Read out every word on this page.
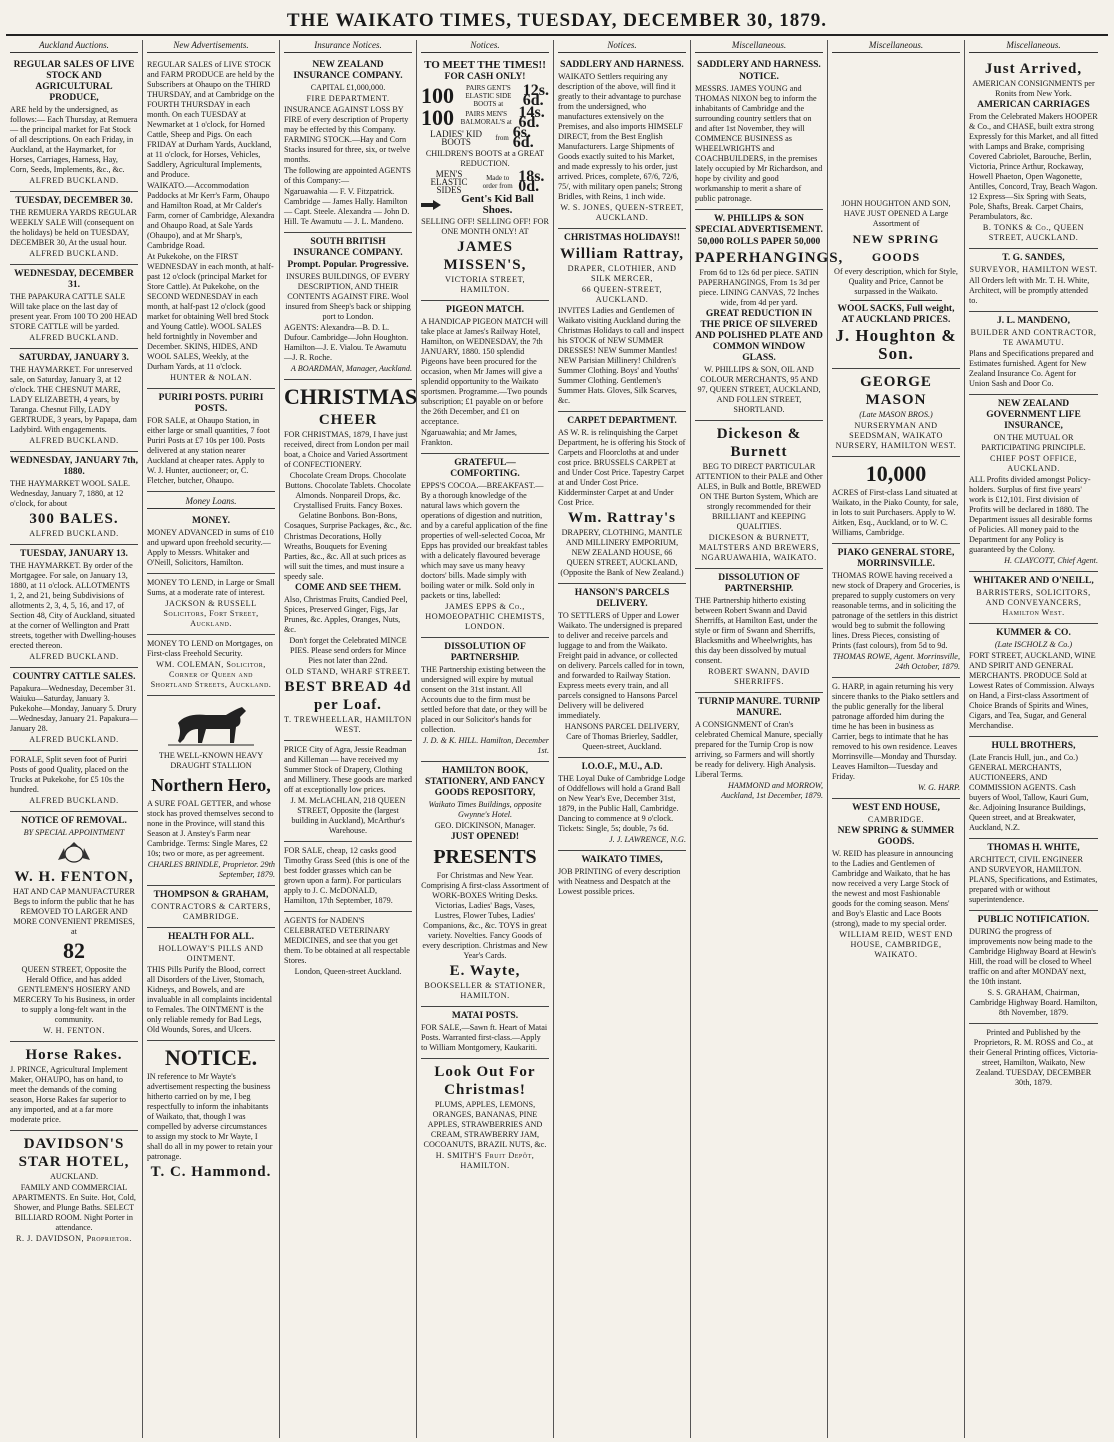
THE WAIKATO TIMES, TUESDAY, DECEMBER 30, 1879.
Auckland Auctions.

REGULAR SALES OF LIVE STOCK AND AGRICULTURAL PRODUCE,

ARE held by the undersigned, as follows:— Each Thursday, at Remuera — the principal market for Fat Stock of all descriptions. On each Friday, in Auckland, at the Haymarket, for Horses, Carriages, Harness, Hay, Corn, Seeds, Implements, &c., &c.

ALFRED BUCKLAND.

TUESDAY, DECEMBER 30.

THE REMUERA YARDS REGULAR WEEKLY SALE Will (consequent on the holidays) be held on TUESDAY, DECEMBER 30, At the usual hour.

ALFRED BUCKLAND.

WEDNESDAY, DECEMBER 31.

THE PAPAKURA CATTLE SALE Will take place on the last day of present year. From 100 TO 200 HEAD STORE CATTLE will be yarded.

ALFRED BUCKLAND.

SATURDAY, JANUARY 3.

THE HAYMARKET. For unreserved sale, on Saturday, January 3, at 12 o'clock. THE CHESNUT MARE, LADY ELIZABETH, 4 years, by Taranga. Chesnut Filly, LADY GERTRUDE, 3 years, by Papapa, dam Ladybird. With engagements.

ALFRED BUCKLAND.

WEDNESDAY, JANUARY 7th, 1880.

THE HAYMARKET WOOL SALE. Wednesday, January 7, 1880, at 12 o'clock, for about

300 BALES.

ALFRED BUCKLAND.

TUESDAY, JANUARY 13.

THE HAYMARKET. By order of the Mortgagee. For sale, on January 13, 1880, at 11 o'clock. ALLOTMENTS 1, 2, and 21, being Subdivisions of allotments 2, 3, 4, 5, 16, and 17, of Section 48, City of Auckland, situated at the corner of Wellington and Pratt streets, together with Dwelling-houses erected thereon.

ALFRED BUCKLAND.

COUNTRY CATTLE SALES.

Papakura—Wednesday, December 31. Waiuku—Saturday, January 3. Pukekohe—Monday, January 5. Drury—Wednesday, January 21. Papakura—January 28.

ALFRED BUCKLAND.

FORALE, Split seven foot of Puriri Posts of good Quality, placed on the Trucks at Pukekohe, for £5 10s the hundred.

ALFRED BUCKLAND.

NOTICE OF REMOVAL.

BY SPECIAL APPOINTMENT

W. H. FENTON,

HAT AND CAP MANUFACTURER Begs to inform the public that he has REMOVED TO LARGER AND MORE CONVENIENT PREMISES, at

82

QUEEN STREET, Opposite the Herald Office, and has added GENTLEMEN'S HOSIERY AND MERCERY To his Business, in order to supply a long-felt want in the community.

W. H. FENTON.

Horse Rakes.

J. PRINCE, Agricultural Implement Maker, OHAUPO, has on hand, to meet the demands of the coming season, Horse Rakes far superior to any imported, and at a far more moderate price.

DAVIDSON'S STAR HOTEL,

AUCKLAND.

FAMILY AND COMMERCIAL APARTMENTS. En Suite. Hot, Cold, Shower, and Plunge Baths. SELECT BILLIARD ROOM. Night Porter in attendance.

R. J. DAVIDSON, Proprietor.

New Advertisements.

REGULAR SALES of LIVE STOCK and FARM PRODUCE are held by the Subscribers at Ohaupo on the THIRD THURSDAY, and at Cambridge on the FOURTH THURSDAY in each month. On each TUESDAY at Newmarket at 1 o'clock, for Horned Cattle, Sheep and Pigs. On each FRIDAY at Durham Yards, Auckland, at 11 o'clock, for Horses, Vehicles, Saddlery, Agricultural Implements, and Produce.

WAIKATO.—Accommodation Paddocks at Mr Kerr's Farm, Ohaupo and Hamilton Road, at Mr Calder's Farm, corner of Cambridge, Alexandra and Ohaupo Road, at Sale Yards (Ohaupo), and at Mr Sharp's, Cambridge Road.

At Pukekohe, on the FIRST WEDNESDAY in each month, at half-past 12 o'clock (principal Market for Store Cattle). At Pukekohe, on the SECOND WEDNESDAY in each month, at half-past 12 o'clock (good market for obtaining Well bred Stock and Young Cattle). WOOL SALES held fortnightly in November and December. SKINS, HIDES, AND WOOL SALES, Weekly, at the Durham Yards, at 11 o'clock.

HUNTER & NOLAN.

PURIRI POSTS. PURIRI POSTS.

FOR SALE, at Ohaupo Station, in either large or small quantities, 7 foot Puriri Posts at £7 10s per 100. Posts delivered at any station nearer Auckland at cheaper rates. Apply to W. J. Hunter, auctioneer; or, C. Fletcher, butcher, Ohaupo.

Money Loans.

MONEY.

MONEY ADVANCED in sums of £10 and upward upon freehold security.—Apply to Messrs. Whitaker and O'Neill, Solicitors, Hamilton.

MONEY TO LEND, in Large or Small Sums, at a moderate rate of interest.

JACKSON & RUSSELL Solicitors, Fort Street, Auckland.

MONEY TO LEND on Mortgages, on First-class Freehold Security.

WM. COLEMAN, Solicitor, Corner of Queen and Shortland Streets, Auckland.

THE WELL-KNOWN HEAVY DRAUGHT STALLION

Northern Hero,

A SURE FOAL GETTER, and whose stock has proved themselves second to none in the Province, will stand this Season at J. Anstey's Farm near Cambridge. Terms: Single Mares, £2 10s; two or more, as per agreement.

CHARLES BRINDLE, Proprietor. 29th September, 1879.

THOMPSON & GRAHAM,

CONTRACTORS & CARTERS, CAMBRIDGE.

HEALTH FOR ALL.

HOLLOWAY'S PILLS AND OINTMENT.

THIS Pills Purify the Blood, correct all Disorders of the Liver, Stomach, Kidneys, and Bowels, and are invaluable in all complaints incidental to Females. The OINTMENT is the only reliable remedy for Bad Legs, Old Wounds, Sores, and Ulcers.

NOTICE.

IN reference to Mr Wayte's advertisement respecting the business hitherto carried on by me, I beg respectfully to inform the inhabitants of Waikato, that, though I was compelled by adverse circumstances to assign my stock to Mr Wayte, I shall do all in my power to retain your patronage.

T. C. Hammond.

Insurance Notices.

NEW ZEALAND INSURANCE COMPANY.

CAPITAL £1,000,000.

FIRE DEPARTMENT.

INSURANCE AGAINST LOSS BY FIRE of every description of Property may be effected by this Company. FARMING STOCK.—Hay and Corn Stacks insured for three, six, or twelve months.

The following are appointed AGENTS of this Company:—

Ngaruawahia — F. V. Fitzpatrick. Cambridge — James Hally. Hamilton — Capt. Steele. Alexandra — John D. Hill. Te Awamutu — J. L. Mandeno.

SOUTH BRITISH INSURANCE COMPANY.

Prompt. Popular. Progressive.

INSURES BUILDINGS, OF EVERY DESCRIPTION, AND THEIR CONTENTS AGAINST FIRE. Wool insured from Sheep's back or shipping port to London.

AGENTS: Alexandra—B. D. L. Dufour. Cambridge—John Houghton. Hamilton—J. E. Vialou. Te Awamutu—J. R. Roche.

A BOARDMAN, Manager, Auckland.

CHRISTMAS

CHEER

FOR CHRISTMAS, 1879, I have just received, direct from London per mail boat, a Choice and Varied Assortment of CONFECTIONERY.

Chocolate Cream Drops. Chocolate Buttons. Chocolate Tablets. Chocolate Almonds. Nonpareil Drops, &c. Crystallised Fruits. Fancy Boxes. Gelatine Bonbons. Bon-Bons, Cosaques, Surprise Packages, &c., &c.

Christmas Decorations, Holly Wreaths, Bouquets for Evening Parties, &c., &c. All at such prices as will suit the times, and must insure a speedy sale.

COME AND SEE THEM.

Also, Christmas Fruits, Candied Peel, Spices, Preserved Ginger, Figs, Jar Prunes, &c. Apples, Oranges, Nuts, &c.

Don't forget the Celebrated MINCE PIES. Please send orders for Mince Pies not later than 22nd.

OLD STAND, WHARF STREET.

BEST BREAD 4d per Loaf.

T. TREWHEELLAR, HAMILTON WEST.

PRICE City of Agra, Jessie Readman and Killeman — have received my Summer Stock of Drapery, Clothing and Millinery. These goods are marked off at exceptionally low prices.

J. M. McLACHLAN, 218 QUEEN STREET, Opposite the (largest building in Auckland), McArthur's Warehouse.

FOR SALE, cheap, 12 casks good Timothy Grass Seed (this is one of the best fodder grasses which can be grown upon a farm). For particulars apply to J. C. McDONALD, Hamilton, 17th September, 1879.

AGENTS for NADEN'S CELEBRATED VETERINARY MEDICINES, and see that you get them. To be obtained at all respectable Stores.

London, Queen-street Auckland.

Notices.

TO MEET THE TIMES!!

FOR CASH ONLY!

100	PAIRS GENT'S ELASTIC SIDE BOOTS at
12s. 6d.
100	PAIRS MEN'S BALMORAL'S at
14s. 6d.
LADIES' KID BOOTS	from 6s. 6d.

CHILDREN'S BOOTS at a GREAT REDUCTION.

MEN'S ELASTIC SIDES
Made to order from
18s. 0d.
Gent's Kid Ball Shoes.

SELLING OFF! SELLING OFF! FOR ONE MONTH ONLY! AT

JAMES MISSEN'S,

VICTORIA STREET, HAMILTON.

PIGEON MATCH.

A HANDICAP PIGEON MATCH will take place at James's Railway Hotel, Hamilton, on WEDNESDAY, the 7th JANUARY, 1880. 150 splendid Pigeons have been procured for the occasion, when Mr James will give a splendid opportunity to the Waikato sportsmen. Programme.—Two pounds subscription; £1 payable on or before the 26th December, and £1 on acceptance.

Ngaruawahia; and Mr James, Frankton.

GRATEFUL—COMFORTING.

EPPS'S COCOA.—BREAKFAST.—By a thorough knowledge of the natural laws which govern the operations of digestion and nutrition, and by a careful application of the fine properties of well-selected Cocoa, Mr Epps has provided our breakfast tables with a delicately flavoured beverage which may save us many heavy doctors' bills. Made simply with boiling water or milk. Sold only in packets or tins, labelled:

JAMES EPPS & Co., HOMOEOPATHIC CHEMISTS, LONDON.

DISSOLUTION OF PARTNERSHIP.

THE Partnership existing between the undersigned will expire by mutual consent on the 31st instant. All Accounts due to the firm must be settled before that date, or they will be placed in our Solicitor's hands for collection.

J. D. & K. HILL. Hamilton, December 1st.

HAMILTON BOOK, STATIONERY, AND FANCY GOODS REPOSITORY,

Waikato Times Buildings, opposite Gwynne's Hotel.

GEO. DICKINSON, Manager.

JUST OPENED!

PRESENTS

For Christmas and New Year. Comprising A first-class Assortment of WORK-BOXES Writing Desks. Victorias, Ladies' Bags, Vases, Lustres, Flower Tubes, Ladies' Companions, &c., &c. TOYS in great variety. Novelties. Fancy Goods of every description. Christmas and New Year's Cards.

E. Wayte,

BOOKSELLER & STATIONER, HAMILTON.

MATAI POSTS.

FOR SALE,—Sawn ft. Heart of Matai Posts. Warranted first-class.—Apply to William Montgomery, Kaukariti.

Look Out For Christmas!

PLUMS, APPLES, LEMONS, ORANGES, BANANAS, PINE APPLES, STRAWBERRIES AND CREAM, STRAWBERRY JAM, COCOANUTS, BRAZIL NUTS, &c.

H. SMITH'S Fruit Depôt, HAMILTON.

Notices.

SADDLERY AND HARNESS.

WAIKATO Settlers requiring any description of the above, will find it greatly to their advantage to purchase from the undersigned, who manufactures extensively on the Premises, and also imports HIMSELF DIRECT, from the Best English Manufacturers. Large Shipments of Goods exactly suited to his Market, and made expressly to his order, just arrived. Prices, complete, 67/6, 72/6, 75/, with military open panels; Strong Bridles, with Reins, 1 inch wide.

W. S. JONES, QUEEN-STREET, AUCKLAND.

CHRISTMAS HOLIDAYS!!

William Rattray,

DRAPER, CLOTHIER, AND SILK MERCER,

66 QUEEN-STREET, AUCKLAND.

INVITES Ladies and Gentlemen of Waikato visiting Auckland during the Christmas Holidays to call and inspect his STOCK of NEW SUMMER DRESSES! NEW Summer Mantles! NEW Parisian Millinery! Children's Summer Clothing. Boys' and Youths' Summer Clothing. Gentlemen's Summer Hats. Gloves, Silk Scarves, &c.

CARPET DEPARTMENT.

AS W. R. is relinquishing the Carpet Department, he is offering his Stock of Carpets and Floorcloths at and under cost price. BRUSSELS CARPET at and Under Cost Price. Tapestry Carpet at and Under Cost Price. Kidderminster Carpet at and Under Cost Price.

Wm. Rattray's

DRAPERY, CLOTHING, MANTLE AND MILLINERY EMPORIUM, NEW ZEALAND HOUSE, 66 QUEEN STREET, AUCKLAND, (Opposite the Bank of New Zealand.)

HANSON'S PARCELS DELIVERY.

TO SETTLERS of Upper and Lower Waikato. The undersigned is prepared to deliver and receive parcels and luggage to and from the Waikato. Freight paid in advance, or collected on delivery. Parcels called for in town, and forwarded to Railway Station. Express meets every train, and all parcels consigned to Hansons Parcel Delivery will be delivered immediately.

HANSONS PARCEL DELIVERY, Care of Thomas Brierley, Saddler, Queen-street, Auckland.

I.O.O.F., M.U., A.D.

THE Loyal Duke of Cambridge Lodge of Oddfellows will hold a Grand Ball on New Year's Eve, December 31st, 1879, in the Public Hall, Cambridge. Dancing to commence at 9 o'clock. Tickets: Single, 5s; double, 7s 6d.

J. J. LAWRENCE, N.G.

WAIKATO TIMES,

JOB PRINTING of every description with Neatness and Despatch at the Lowest possible prices.

Miscellaneous.

SADDLERY AND HARNESS.

NOTICE.

MESSRS. JAMES YOUNG and THOMAS NIXON beg to inform the inhabitants of Cambridge and the surrounding country settlers that on and after 1st November, they will COMMENCE BUSINESS as WHEELWRIGHTS and COACHBUILDERS, in the premises lately occupied by Mr Richardson, and hope by civility and good workmanship to merit a share of public patronage.

W. PHILLIPS & SON SPECIAL ADVERTISEMENT.

50,000 ROLLS PAPER 50,000

PAPERHANGINGS,

From 6d to 12s 6d per piece. SATIN PAPERHANGINGS, From 1s 3d per piece. LINING CANVAS, 72 Inches wide, from 4d per yard.

GREAT REDUCTION IN THE PRICE OF SILVERED AND POLISHED PLATE AND COMMON WINDOW GLASS.

W. PHILLIPS & SON, OIL AND COLOUR MERCHANTS, 95 AND 97, QUEEN STREET, AUCKLAND, AND FOLLEN STREET, SHORTLAND.

Dickeson & Burnett

BEG TO DIRECT PARTICULAR ATTENTION to their PALE and Other ALES, in Bulk and Bottle, BREWED ON THE Burton System, Which are strongly recommended for their BRILLIANT and KEEPING QUALITIES.

DICKESON & BURNETT, MALTSTERS AND BREWERS, NGARUAWAHIA, WAIKATO.

DISSOLUTION OF PARTNERSHIP.

THE Partnership hitherto existing between Robert Swann and David Sherriffs, at Hamilton East, under the style or firm of Swann and Sherriffs, Blacksmiths and Wheelwrights, has this day been dissolved by mutual consent.

ROBERT SWANN, DAVID SHERRIFFS.

TURNIP MANURE. TURNIP MANURE.

A CONSIGNMENT of Cran's celebrated Chemical Manure, specially prepared for the Turnip Crop is now arriving, so Farmers and will shortly be ready for delivery. High Analysis. Liberal Terms.

HAMMOND and MORROW, Auckland, 1st December, 1879.

Miscellaneous.

JOHN HOUGHTON AND SON, HAVE JUST OPENED A Large Assortment of

NEW SPRING GOODS

Of every description, which for Style, Quality and Price, Cannot be surpassed in the Waikato.

WOOL SACKS, Full weight, AT AUCKLAND PRICES.

J. Houghton & Son.

GEORGE MASON

(Late MASON BROS.)

NURSERYMAN AND SEEDSMAN, WAIKATO NURSERY, HAMILTON WEST.

10,000

ACRES of First-class Land situated at Waikato, in the Piako County, for sale, in lots to suit Purchasers. Apply to W. Aitken, Esq., Auckland, or to W. C. Williams, Cambridge.

PIAKO GENERAL STORE, MORRINSVILLE.

THOMAS ROWE having received a new stock of Drapery and Groceries, is prepared to supply customers on very reasonable terms, and in soliciting the patronage of the settlers in this district would beg to submit the following lines. Dress Pieces, consisting of Prints (fast colours), from 5d to 9d.

THOMAS ROWE, Agent. Morrinsville, 24th October, 1879.

G. HARP, in again returning his very sincere thanks to the Piako settlers and the public generally for the liberal patronage afforded him during the time he has been in business as Carrier, begs to intimate that he has removed to his own residence. Leaves Morrinsville—Monday and Thursday. Leaves Hamilton—Tuesday and Friday.

W. G. HARP.

WEST END HOUSE,

CAMBRIDGE.

NEW SPRING & SUMMER GOODS.

W. REID has pleasure in announcing to the Ladies and Gentlemen of Cambridge and Waikato, that he has now received a very Large Stock of the newest and most Fashionable goods for the coming season. Mens' and Boy's Elastic and Lace Boots (strong), made to my special order.

WILLIAM REID, WEST END HOUSE, CAMBRIDGE, WAIKATO.

Miscellaneous.

Just Arrived,

AMERICAN CONSIGNMENTS per Ronits from New York.

AMERICAN CARRIAGES

From the Celebrated Makers HOOPER & Co., and CHASE, built extra strong Expressly for this Market, and all fitted with Lamps and Brake, comprising Covered Cabriolet, Barouche, Berlin, Victoria, Prince Arthur, Rockaway, Howell Phaeton, Open Wagonette, Antilles, Concord, Tray, Beach Wagon. 12 Express—Six Spring with Seats, Pole, Shafts, Break. Carpet Chairs, Perambulators, &c.

B. TONKS & Co., QUEEN STREET, AUCKLAND.

T. G. SANDES,

SURVEYOR, HAMILTON WEST.

All Orders left with Mr. T. H. White, Architect, will be promptly attended to.

J. L. MANDENO,

BUILDER AND CONTRACTOR, TE AWAMUTU.

Plans and Specifications prepared and Estimates furnished. Agent for New Zealand Insurance Co. Agent for Union Sash and Door Co.

NEW ZEALAND GOVERNMENT LIFE INSURANCE,

ON THE MUTUAL OR PARTICIPATING PRINCIPLE.

CHIEF POST OFFICE, AUCKLAND.

ALL Profits divided amongst Policy-holders. Surplus of first five years' work is £12,101. First division of Profits will be declared in 1880. The Department issues all desirable forms of Policies. All money paid to the Department for any Policy is guaranteed by the Colony.

H. CLAYCOTT, Chief Agent.

WHITAKER AND O'NEILL,

BARRISTERS, SOLICITORS, AND CONVEYANCERS, Hamilton West.

KUMMER & CO.

(Late ISCHOLZ & Co.)

FORT STREET, AUCKLAND, WINE AND SPIRIT AND GENERAL MERCHANTS. PRODUCE Sold at Lowest Rates of Commission. Always on Hand, a First-class Assortment of Choice Brands of Spirits and Wines, Cigars, and Tea, Sugar, and General Merchandise.

HULL BROTHERS,

(Late Francis Hull, jun., and Co.) GENERAL MERCHANTS, AUCTIONEERS, AND COMMISSION AGENTS. Cash buyers of Wool, Tallow, Kauri Gum, &c. Adjoining Insurance Buildings, Queen street, and at Breakwater, Auckland, N.Z.

THOMAS H. WHITE,

ARCHITECT, CIVIL ENGINEER AND SURVEYOR, HAMILTON. PLANS, Specifications, and Estimates, prepared with or without superintendence.

PUBLIC NOTIFICATION.

DURING the progress of improvements now being made to the Cambridge Highway Board at Hewin's Hill, the road will be closed to Wheel traffic on and after MONDAY next, the 10th instant.

S. S. GRAHAM, Chairman, Cambridge Highway Board. Hamilton, 8th November, 1879.

Printed and Published by the Proprietors, R. M. ROSS and Co., at their General Printing offices, Victoria-street, Hamilton, Waikato, New Zealand. TUESDAY, DECEMBER 30th, 1879.
